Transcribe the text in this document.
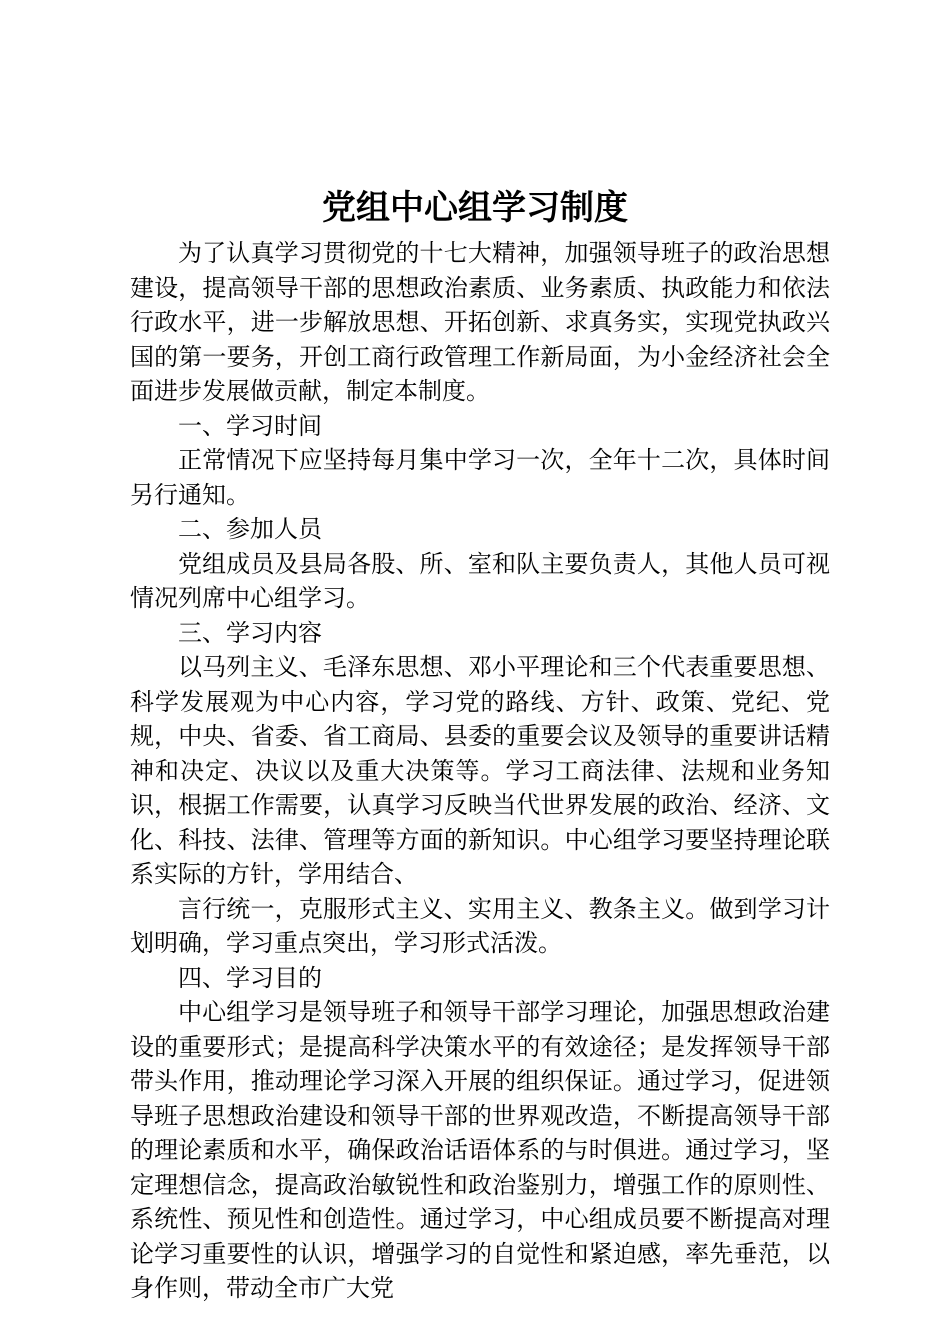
党组中心组学习制度

为了认真学习贯彻党的十七大精神，加强领导班子的政治思想建设，提高领导干部的思想政治素质、业务素质、执政能力和依法行政水平，进一步解放思想、开拓创新、求真务实，实现党执政兴国的第一要务，开创工商行政管理工作新局面，为小金经济社会全面进步发展做贡献，制定本制度。

一、学习时间

正常情况下应坚持每月集中学习一次，全年十二次，具体时间另行通知。

二、参加人员

党组成员及县局各股、所、室和队主要负责人，其他人员可视情况列席中心组学习。

三、学习内容

以马列主义、毛泽东思想、邓小平理论和三个代表重要思想、科学发展观为中心内容，学习党的路线、方针、政策、党纪、党规，中央、省委、省工商局、县委的重要会议及领导的重要讲话精神和决定、决议以及重大决策等。学习工商法律、法规和业务知识，根据工作需要，认真学习反映当代世界发展的政治、经济、文化、科技、法律、管理等方面的新知识。中心组学习要坚持理论联系实际的方针，学用结合、

言行统一，克服形式主义、实用主义、教条主义。做到学习计划明确，学习重点突出，学习形式活泼。

四、学习目的

中心组学习是领导班子和领导干部学习理论，加强思想政治建设的重要形式；是提高科学决策水平的有效途径；是发挥领导干部带头作用，推动理论学习深入开展的组织保证。通过学习，促进领导班子思想政治建设和领导干部的世界观改造，不断提高领导干部的理论素质和水平，确保政治话语体系的与时俱进。通过学习，坚定理想信念，提高政治敏锐性和政治鉴别力，增强工作的原则性、系统性、预见性和创造性。通过学习，中心组成员要不断提高对理论学习重要性的认识，增强学习的自觉性和紧迫感，率先垂范，以身作则，带动全市广大党
